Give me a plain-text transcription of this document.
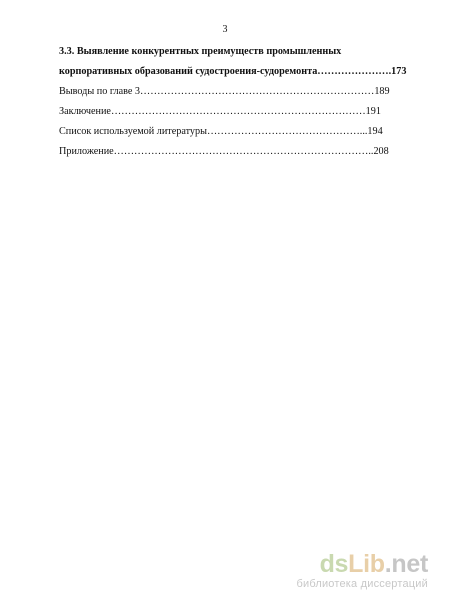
3
3.3. Выявление конкурентных преимуществ промышленных
корпоративных образований судостроения-судоремонта………………….173
Выводы по главе 3……………………………………………………………189
Заключение…………………………………………………………………191
Список используемой литературы………………………………………...194
Приложение…………………………………………………………………..208
dsLib.net
библиотека диссертаций
